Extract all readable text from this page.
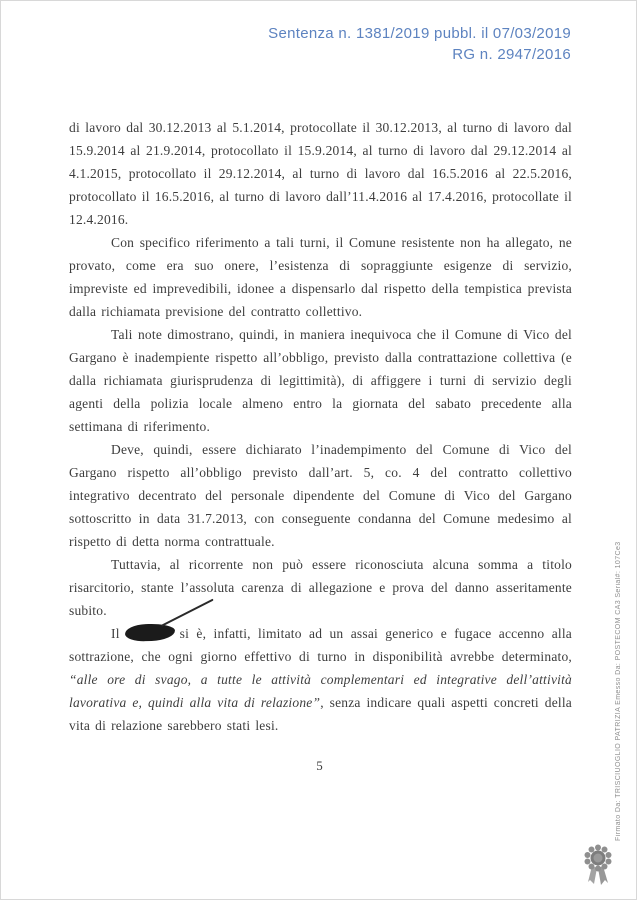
Sentenza n. 1381/2019 pubbl. il 07/03/2019
RG n. 2947/2016

di lavoro dal 30.12.2013 al 5.1.2014, protocollate il 30.12.2013, al turno di lavoro dal 15.9.2014 al 21.9.2014, protocollato il 15.9.2014, al turno di lavoro dal 29.12.2014 al 4.1.2015, protocollato il 29.12.2014, al turno di lavoro dal 16.5.2016 al 22.5.2016, protocollato il 16.5.2016, al turno di lavoro dall’11.4.2016 al 17.4.2016, protocollate il 12.4.2016.

Con specifico riferimento a tali turni, il Comune resistente non ha allegato, ne provato, come era suo onere, l’esistenza di sopraggiunte esigenze di servizio, impreviste ed imprevedibili, idonee a dispensarlo dal rispetto della tempistica prevista dalla richiamata previsione del contratto collettivo.

Tali note dimostrano, quindi, in maniera inequivoca che il Comune di Vico del Gargano è inadempiente rispetto all’obbligo, previsto dalla contrattazione collettiva (e dalla richiamata giurisprudenza di legittimità), di affiggere i turni di servizio degli agenti della polizia locale almeno entro la giornata del sabato precedente alla settimana di riferimento.

Deve, quindi, essere dichiarato l’inadempimento del Comune di Vico del Gargano rispetto all’obbligo previsto dall’art. 5, co. 4 del contratto collettivo integrativo decentrato del personale dipendente del Comune di Vico del Gargano sottoscritto in data 31.7.2013, con conseguente condanna del Comune medesimo al rispetto di detta norma contrattuale.

Tuttavia, al ricorrente non può essere riconosciuta alcuna somma a titolo risarcitorio, stante l’assoluta carenza di allegazione e prova del danno asseritamente subito.

Il	si è, infatti, limitato ad un assai generico e fugace accenno alla sottrazione, che ogni giorno effettivo di turno in disponibilità avrebbe determinato, “alle ore di svago, a tutte le attività complementari ed integrative dell’attività lavorativa e, quindi alla vita di relazione”, senza indicare quali aspetti concreti della vita di relazione sarebbero stati lesi.

5	Firmato Da: TRISCIUOGLIO PATRIZIA Emesso Da: POSTECOM CA3 Serial#: 107Ce3
